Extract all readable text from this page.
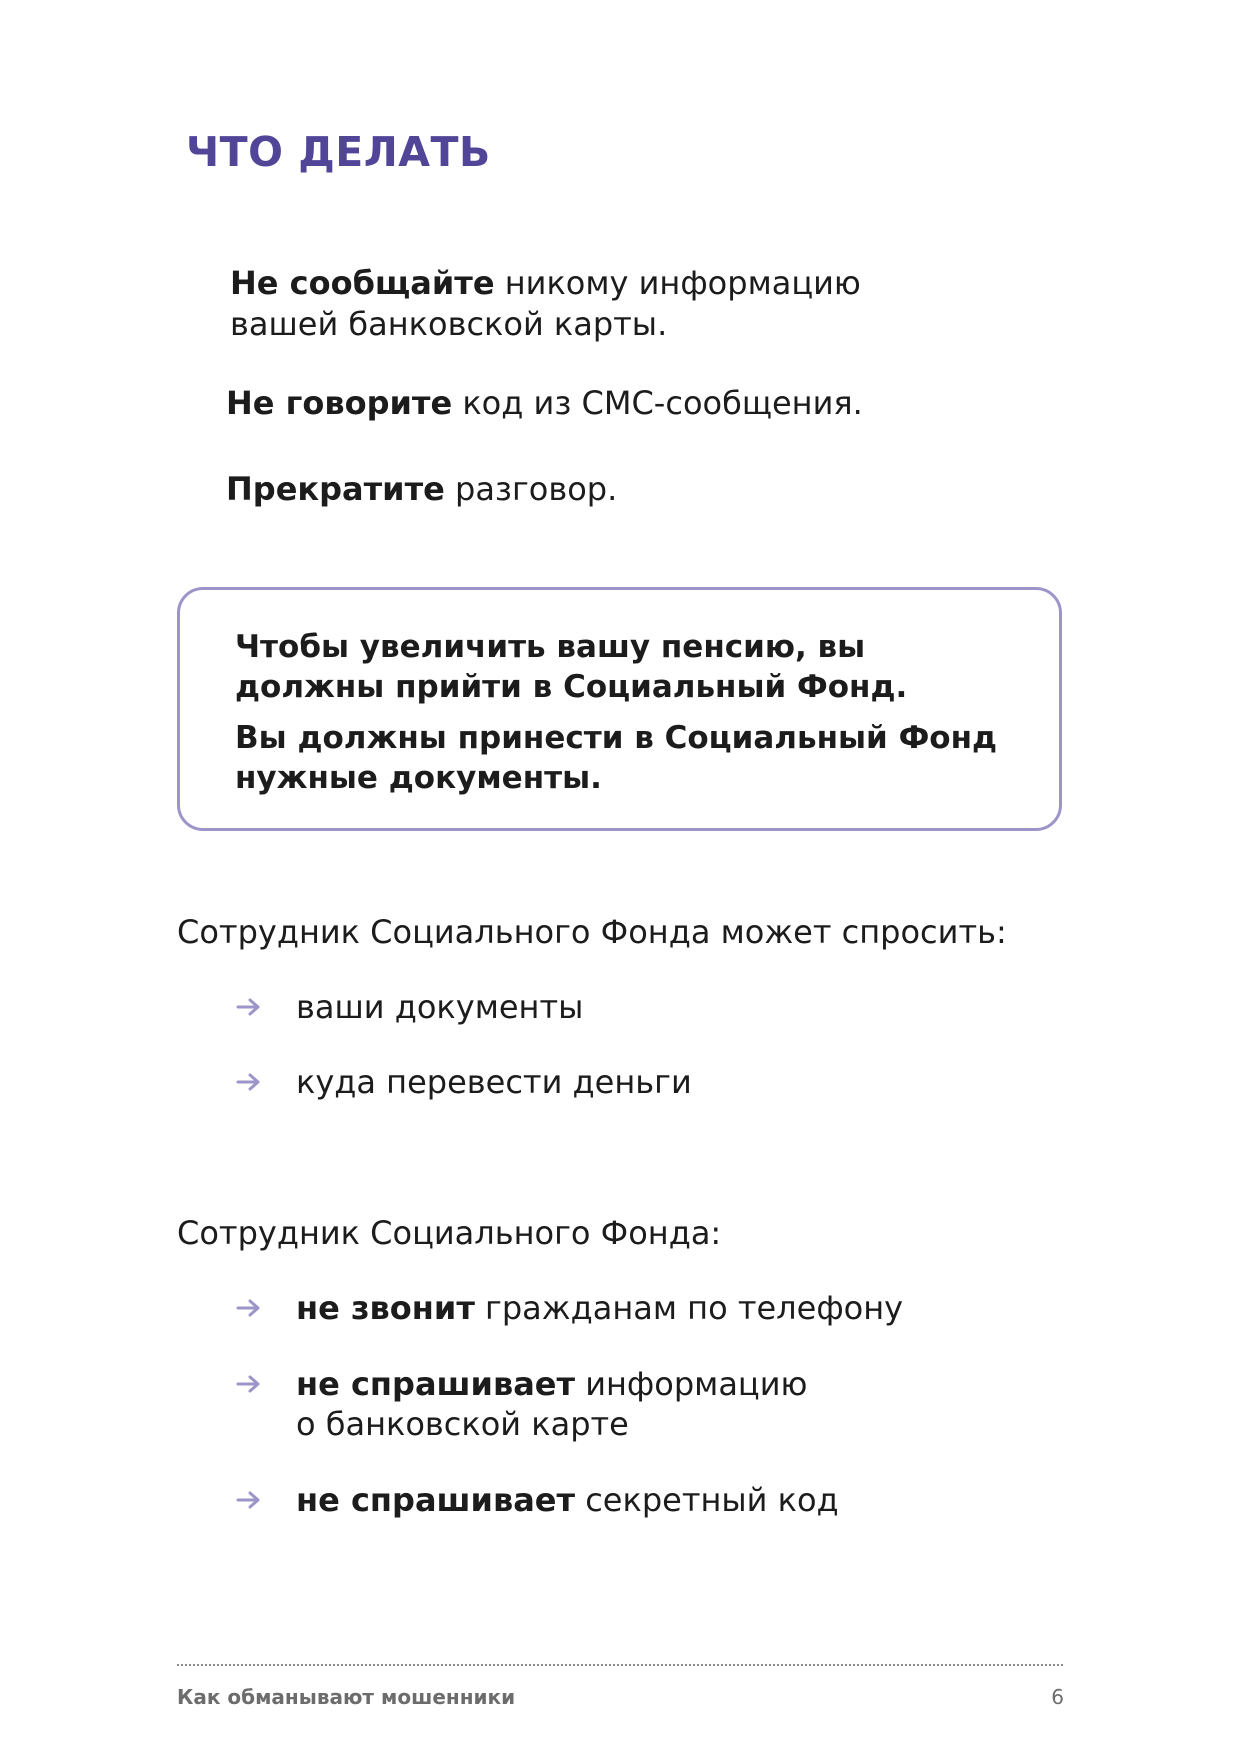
ЧТО ДЕЛАТЬ

Не сообщайте никому информацию
вашей банковской карты.

Не говорите код из СМС-сообщения.

Прекратите разговор.

Чтобы увеличить вашу пенсию, вы должны прийти в Социальный Фонд.

Вы должны принести в Социальный Фонд нужные документы.

Сотрудник Социального Фонда может спросить:

ваши документы

куда перевести деньги

Сотрудник Социального Фонда:

не звонит гражданам по телефону

не спрашивает информацию
о банковской карте

не спрашивает секретный код

Как обманывают мошенники	6
